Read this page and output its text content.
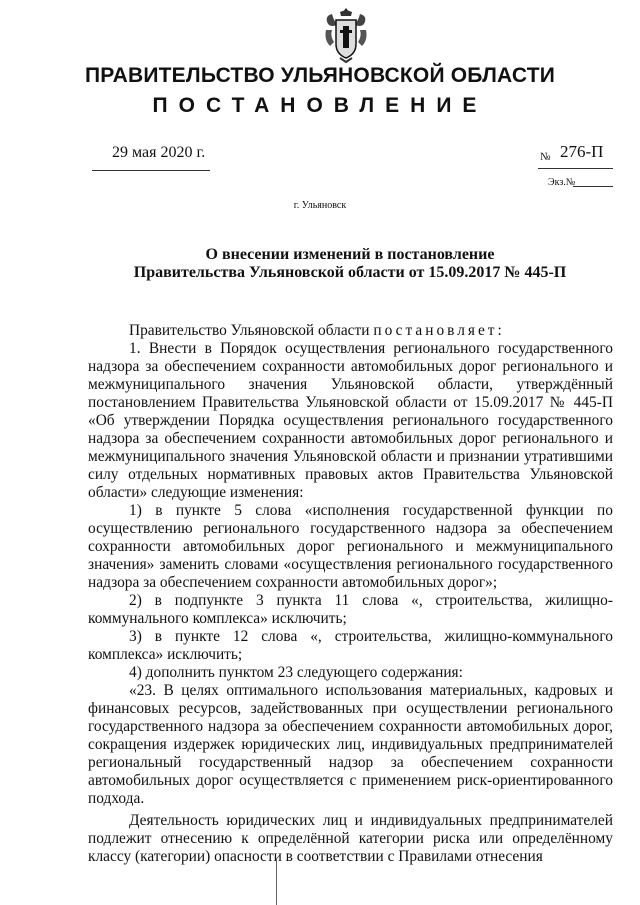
ПРАВИТЕЛЬСТВО УЛЬЯНОВСКОЙ ОБЛАСТИ
ПОСТАНОВЛЕНИЕ
29 мая 2020 г.	№ 276-П
Экз.№
г. Ульяновск
О внесении изменений в постановление
Правительства Ульяновской области от 15.09.2017 № 445-П

Правительство Ульяновской области постановляет:

1. Внести в Порядок осуществления регионального государственного надзора за обеспечением сохранности автомобильных дорог регионального и межмуниципального значения Ульяновской области, утверждённый постановлением Правительства Ульяновской области от 15.09.2017 № 445-П «Об утверждении Порядка осуществления регионального государственного надзора за обеспечением сохранности автомобильных дорог регионального и межмуниципального значения Ульяновской области и признании утратившими силу отдельных нормативных правовых актов Правительства Ульяновской области» следующие изменения:

1) в пункте 5 слова «исполнения государственной функции по осуществлению регионального государственного надзора за обеспечением сохранности автомобильных дорог регионального и межмуниципального значения» заменить словами «осуществления регионального государственного надзора за обеспечением сохранности автомобильных дорог»;

2) в подпункте 3 пункта 11 слова «, строительства, жилищно-коммунального комплекса» исключить;

3) в пункте 12 слова «, строительства, жилищно-коммунального комплекса» исключить;

4) дополнить пунктом 23 следующего содержания:

«23. В целях оптимального использования материальных, кадровых и финансовых ресурсов, задействованных при осуществлении регионального государственного надзора за обеспечением сохранности автомобильных дорог, сокращения издержек юридических лиц, индивидуальных предпринимателей региональный государственный надзор за обеспечением сохранности автомобильных дорог осуществляется с применением риск-ориентированного подхода.

Деятельность юридических лиц и индивидуальных предпринимателей подлежит отнесению к определённой категории риска или определённому классу (категории) опасности в соответствии с Правилами отнесения
